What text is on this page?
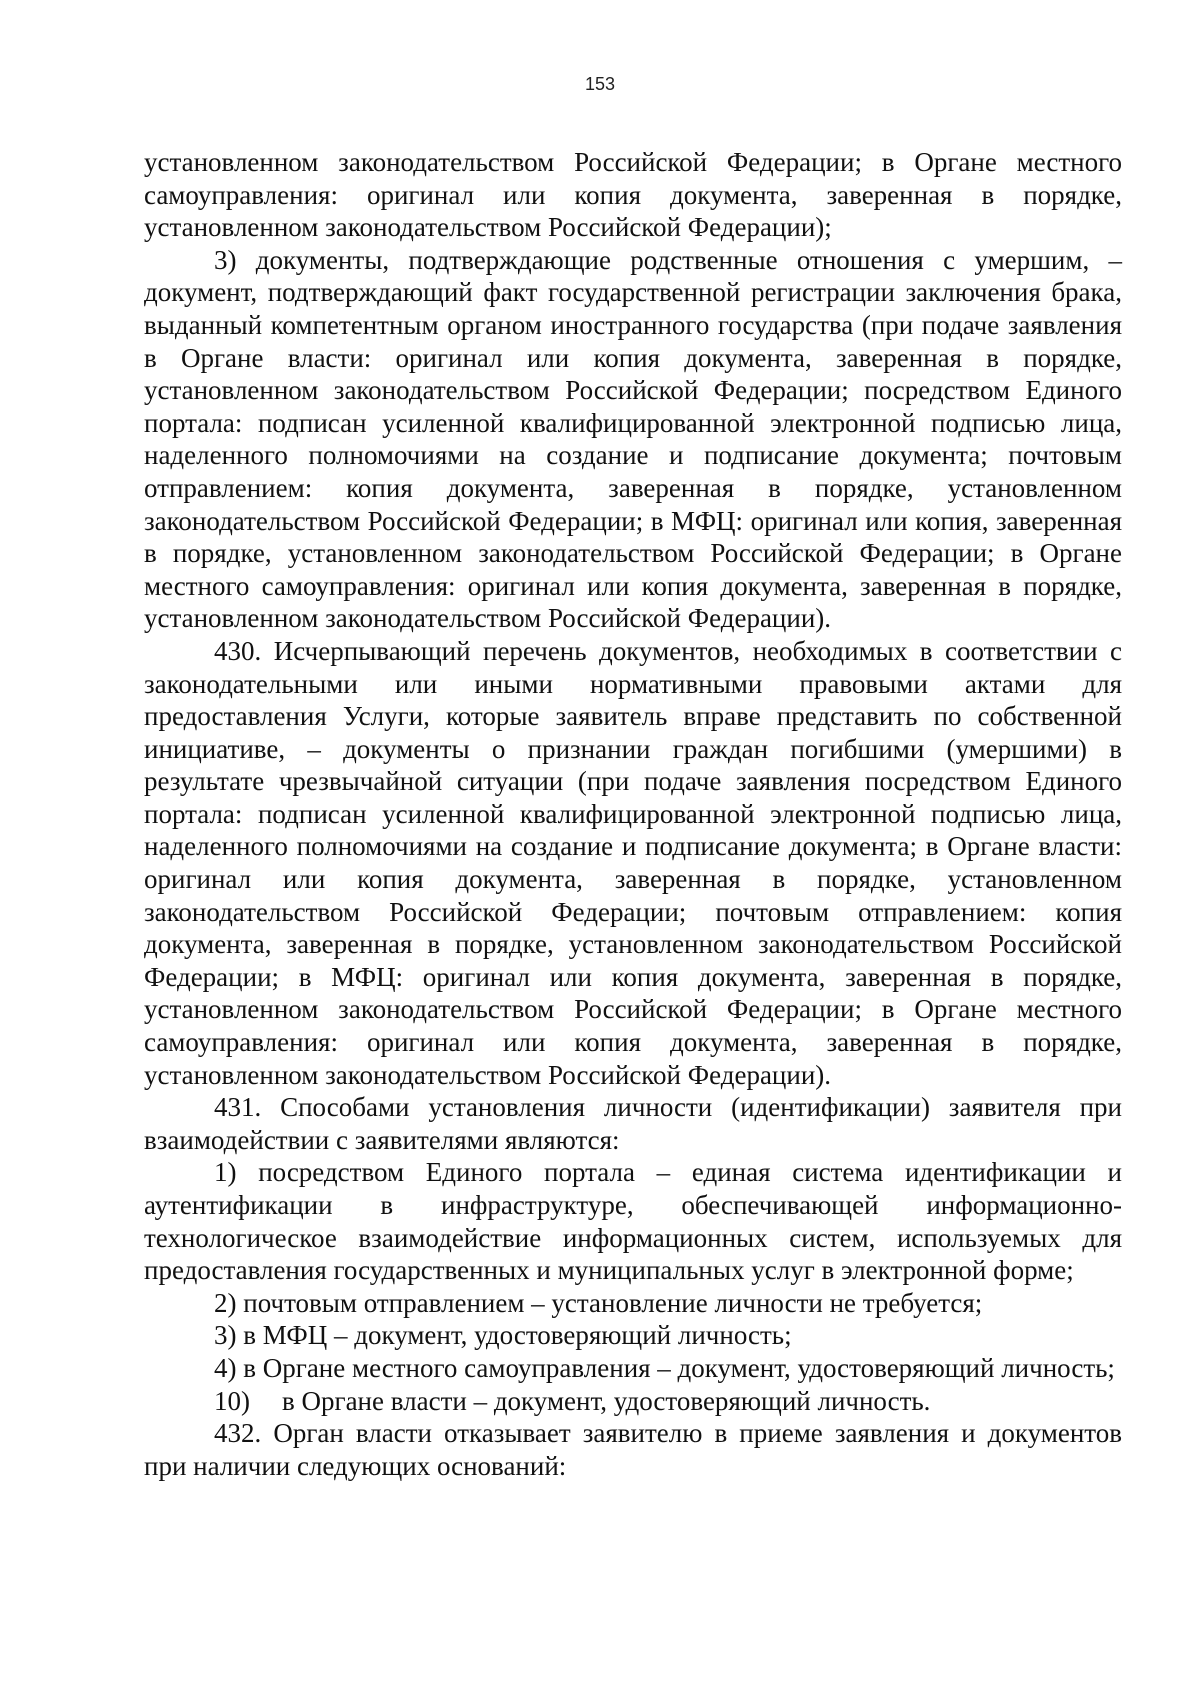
153

установленном законодательством Российской Федерации; в Органе местного самоуправления: оригинал или копия документа, заверенная в порядке, установленном законодательством Российской Федерации);

3) документы, подтверждающие родственные отношения с умершим, – документ, подтверждающий факт государственной регистрации заключения брака, выданный компетентным органом иностранного государства (при подаче заявления в Органе власти: оригинал или копия документа, заверенная в порядке, установленном законодательством Российской Федерации; посредством Единого портала: подписан усиленной квалифицированной электронной подписью лица, наделенного полномочиями на создание и подписание документа; почтовым отправлением: копия документа, заверенная в порядке, установленном законодательством Российской Федерации; в МФЦ: оригинал или копия, заверенная в порядке, установленном законодательством Российской Федерации; в Органе местного самоуправления: оригинал или копия документа, заверенная в порядке, установленном законодательством Российской Федерации).

430. Исчерпывающий перечень документов, необходимых в соответствии с законодательными или иными нормативными правовыми актами для предоставления Услуги, которые заявитель вправе представить по собственной инициативе, – документы о признании граждан погибшими (умершими) в результате чрезвычайной ситуации (при подаче заявления посредством Единого портала: подписан усиленной квалифицированной электронной подписью лица, наделенного полномочиями на создание и подписание документа; в Органе власти: оригинал или копия документа, заверенная в порядке, установленном законодательством Российской Федерации; почтовым отправлением: копия документа, заверенная в порядке, установленном законодательством Российской Федерации; в МФЦ: оригинал или копия документа, заверенная в порядке, установленном законодательством Российской Федерации; в Органе местного самоуправления: оригинал или копия документа, заверенная в порядке, установленном законодательством Российской Федерации).

431. Способами установления личности (идентификации) заявителя при взаимодействии с заявителями являются:

1) посредством Единого портала – единая система идентификации и аутентификации в инфраструктуре, обеспечивающей информационно-технологическое взаимодействие информационных систем, используемых для предоставления государственных и муниципальных услуг в электронной форме;

2) почтовым отправлением – установление личности не требуется;

3) в МФЦ – документ, удостоверяющий личность;

4) в Органе местного самоуправления – документ, удостоверяющий личность;

10) в Органе власти – документ, удостоверяющий личность.

432. Орган власти отказывает заявителю в приеме заявления и документов при наличии следующих оснований:
